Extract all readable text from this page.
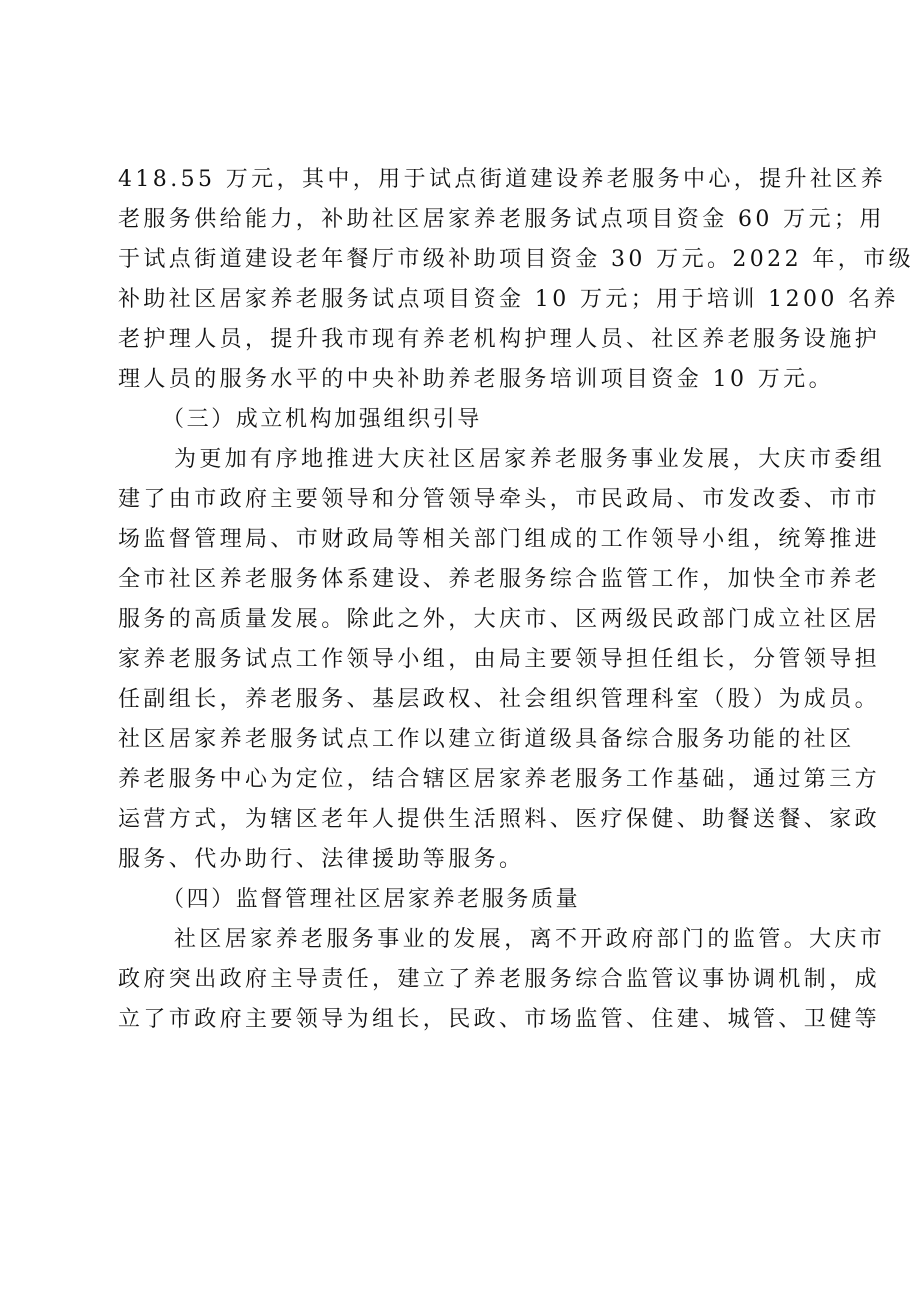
418.55 万元，其中，用于试点街道建设养老服务中心，提升社区养
老服务供给能力，补助社区居家养老服务试点项目资金 60 万元；用
于试点街道建设老年餐厅市级补助项目资金 30 万元。2022 年，市级
补助社区居家养老服务试点项目资金 10 万元；用于培训 1200 名养
老护理人员，提升我市现有养老机构护理人员、社区养老服务设施护
理人员的服务水平的中央补助养老服务培训项目资金 10 万元。
（三）成立机构加强组织引导
为更加有序地推进大庆社区居家养老服务事业发展，大庆市委组
建了由市政府主要领导和分管领导牵头，市民政局、市发改委、市市
场监督管理局、市财政局等相关部门组成的工作领导小组，统筹推进
全市社区养老服务体系建设、养老服务综合监管工作，加快全市养老
服务的高质量发展。除此之外，大庆市、区两级民政部门成立社区居
家养老服务试点工作领导小组，由局主要领导担任组长，分管领导担
任副组长，养老服务、基层政权、社会组织管理科室（股）为成员。
社区居家养老服务试点工作以建立街道级具备综合服务功能的社区
养老服务中心为定位，结合辖区居家养老服务工作基础，通过第三方
运营方式，为辖区老年人提供生活照料、医疗保健、助餐送餐、家政
服务、代办助行、法律援助等服务。
（四）监督管理社区居家养老服务质量
社区居家养老服务事业的发展，离不开政府部门的监管。大庆市
政府突出政府主导责任，建立了养老服务综合监管议事协调机制，成
立了市政府主要领导为组长，民政、市场监管、住建、城管、卫健等
